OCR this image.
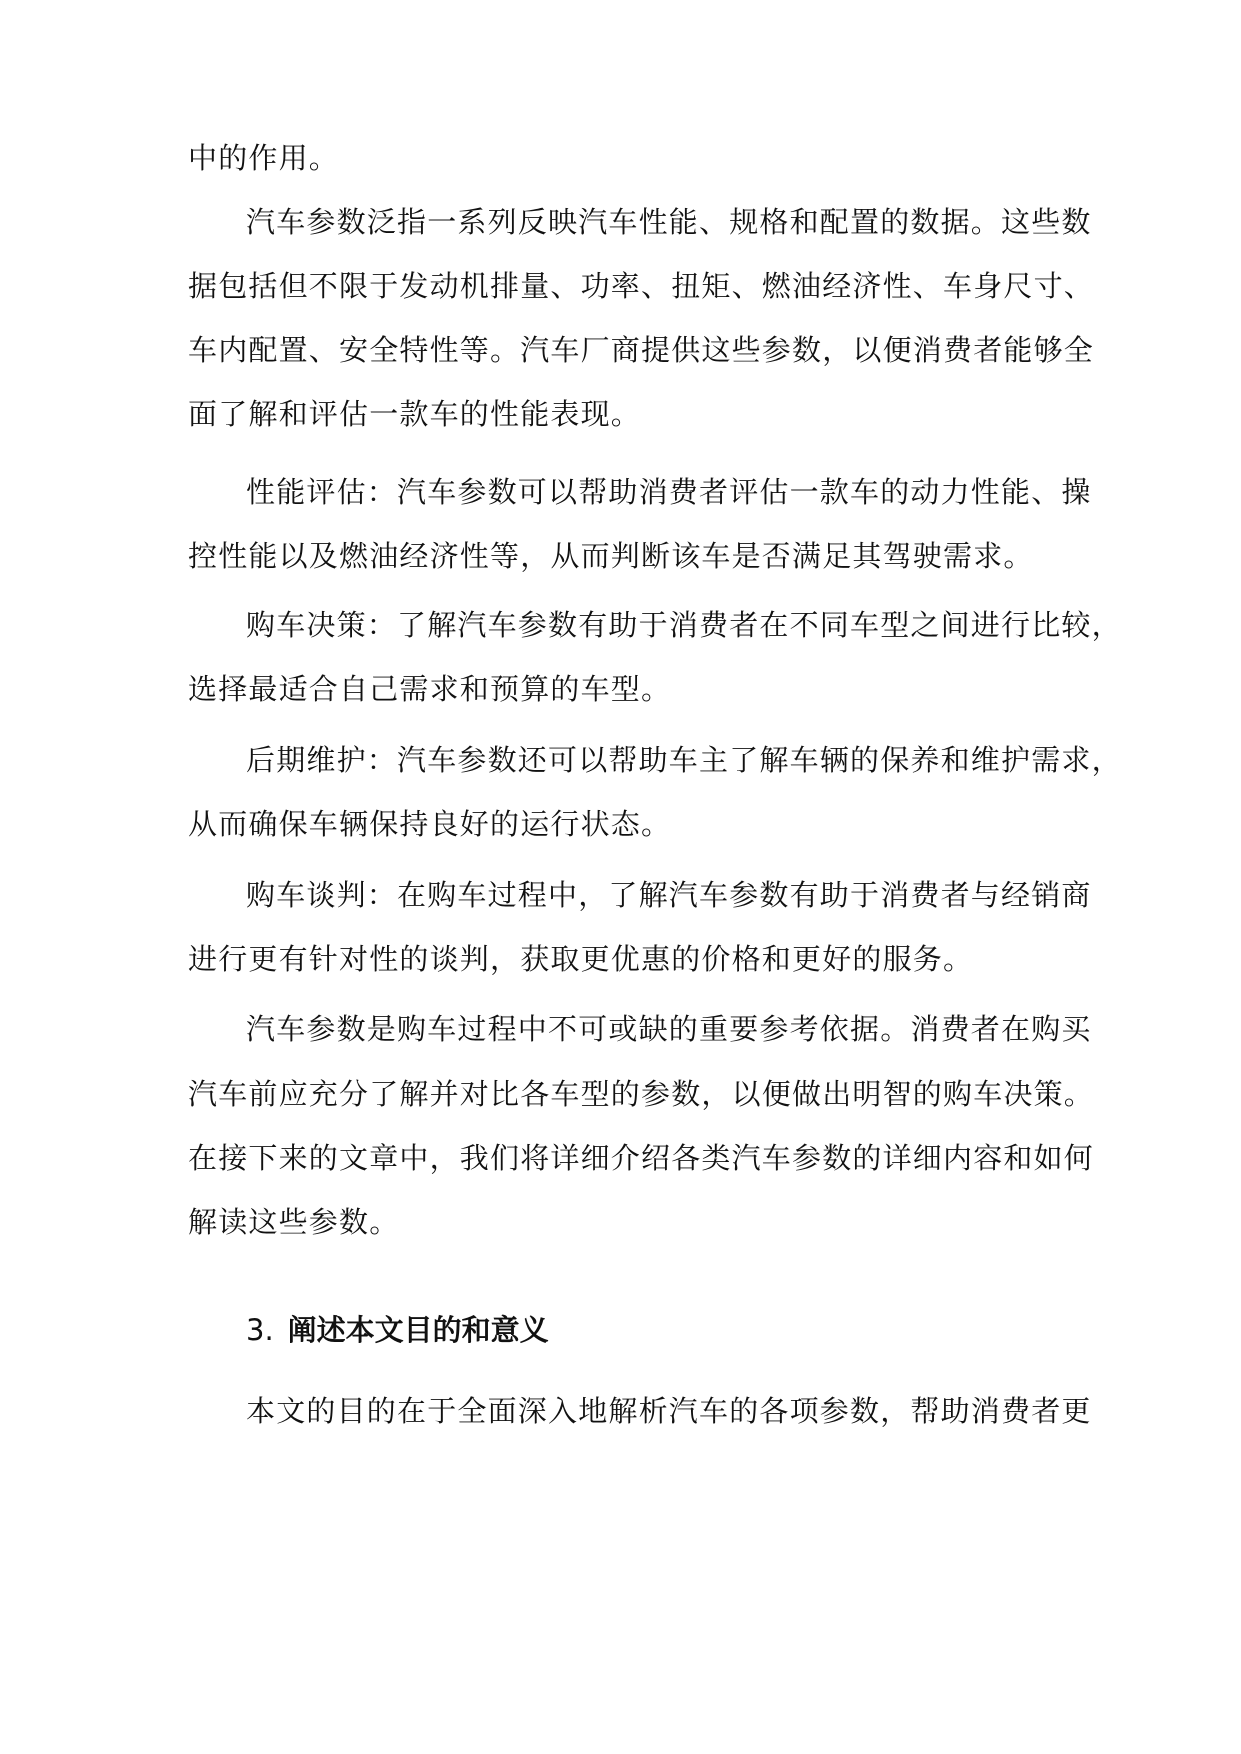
中的作用。
汽车参数泛指一系列反映汽车性能、规格和配置的数据。这些数
据包括但不限于发动机排量、功率、扭矩、燃油经济性、车身尺寸、
车内配置、安全特性等。汽车厂商提供这些参数，以便消费者能够全
面了解和评估一款车的性能表现。
性能评估：汽车参数可以帮助消费者评估一款车的动力性能、操
控性能以及燃油经济性等，从而判断该车是否满足其驾驶需求。
购车决策：了解汽车参数有助于消费者在不同车型之间进行比较，
选择最适合自己需求和预算的车型。
后期维护：汽车参数还可以帮助车主了解车辆的保养和维护需求，
从而确保车辆保持良好的运行状态。
购车谈判：在购车过程中，了解汽车参数有助于消费者与经销商
进行更有针对性的谈判，获取更优惠的价格和更好的服务。
汽车参数是购车过程中不可或缺的重要参考依据。消费者在购买
汽车前应充分了解并对比各车型的参数，以便做出明智的购车决策。
在接下来的文章中，我们将详细介绍各类汽车参数的详细内容和如何
解读这些参数。
3. 阐述本文目的和意义
本文的目的在于全面深入地解析汽车的各项参数，帮助消费者更
